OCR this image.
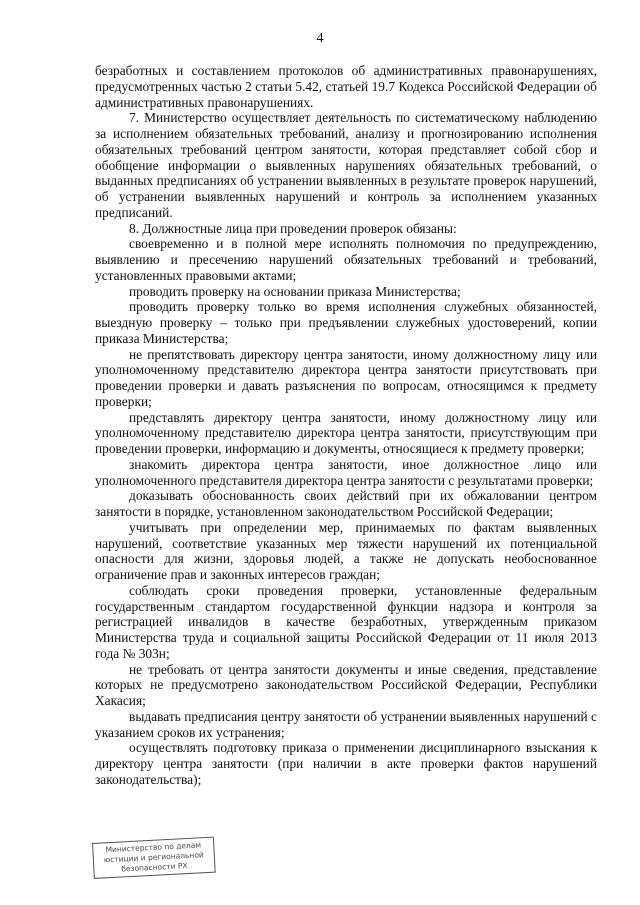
4

безработных и составлением протоколов об административных правонарушениях, предусмотренных частью 2 статьи 5.42, статьей 19.7 Кодекса Российской Федерации об административных правонарушениях.

7. Министерство осуществляет деятельность по систематическому наблюдению за исполнением обязательных требований, анализу и прогнозированию исполнения обязательных требований центром занятости, которая представляет собой сбор и обобщение информации о выявленных нарушениях обязательных требований, о выданных предписаниях об устранении выявленных в результате проверок нарушений, об устранении выявленных нарушений и контроль за исполнением указанных предписаний.

8. Должностные лица при проведении проверок обязаны:

своевременно и в полной мере исполнять полномочия по предупреждению, выявлению и пресечению нарушений обязательных требований и требований, установленных правовыми актами;

проводить проверку на основании приказа Министерства;

проводить проверку только во время исполнения служебных обязанностей, выездную проверку – только при предъявлении служебных удостоверений, копии приказа Министерства;

не препятствовать директору центра занятости, иному должностному лицу или уполномоченному представителю директора центра занятости присутствовать при проведении проверки и давать разъяснения по вопросам, относящимся к предмету проверки;

представлять директору центра занятости, иному должностному лицу или уполномоченному представителю директора центра занятости, присутствующим при проведении проверки, информацию и документы, относящиеся к предмету проверки;

знакомить директора центра занятости, иное должностное лицо или уполномоченного представителя директора центра занятости с результатами проверки;

доказывать обоснованность своих действий при их обжаловании центром занятости в порядке, установленном законодательством Российской Федерации;

учитывать при определении мер, принимаемых по фактам выявленных нарушений, соответствие указанных мер тяжести нарушений их потенциальной опасности для жизни, здоровья людей, а также не допускать необоснованное ограничение прав и законных интересов граждан;

соблюдать сроки проведения проверки, установленные федеральным государственным стандартом государственной функции надзора и контроля за регистрацией инвалидов в качестве безработных, утвержденным приказом Министерства труда и социальной защиты Российской Федерации от 11 июля 2013 года № 303н;

не требовать от центра занятости документы и иные сведения, представление которых не предусмотрено законодательством Российской Федерации, Республики Хакасия;

выдавать предписания центру занятости об устранении выявленных нарушений с указанием сроков их устранения;

осуществлять подготовку приказа о применении дисциплинарного взыскания к директору центра занятости (при наличии в акте проверки фактов нарушений законодательства);

Министерство по делам
юстиции и региональной
безопасности РХ
